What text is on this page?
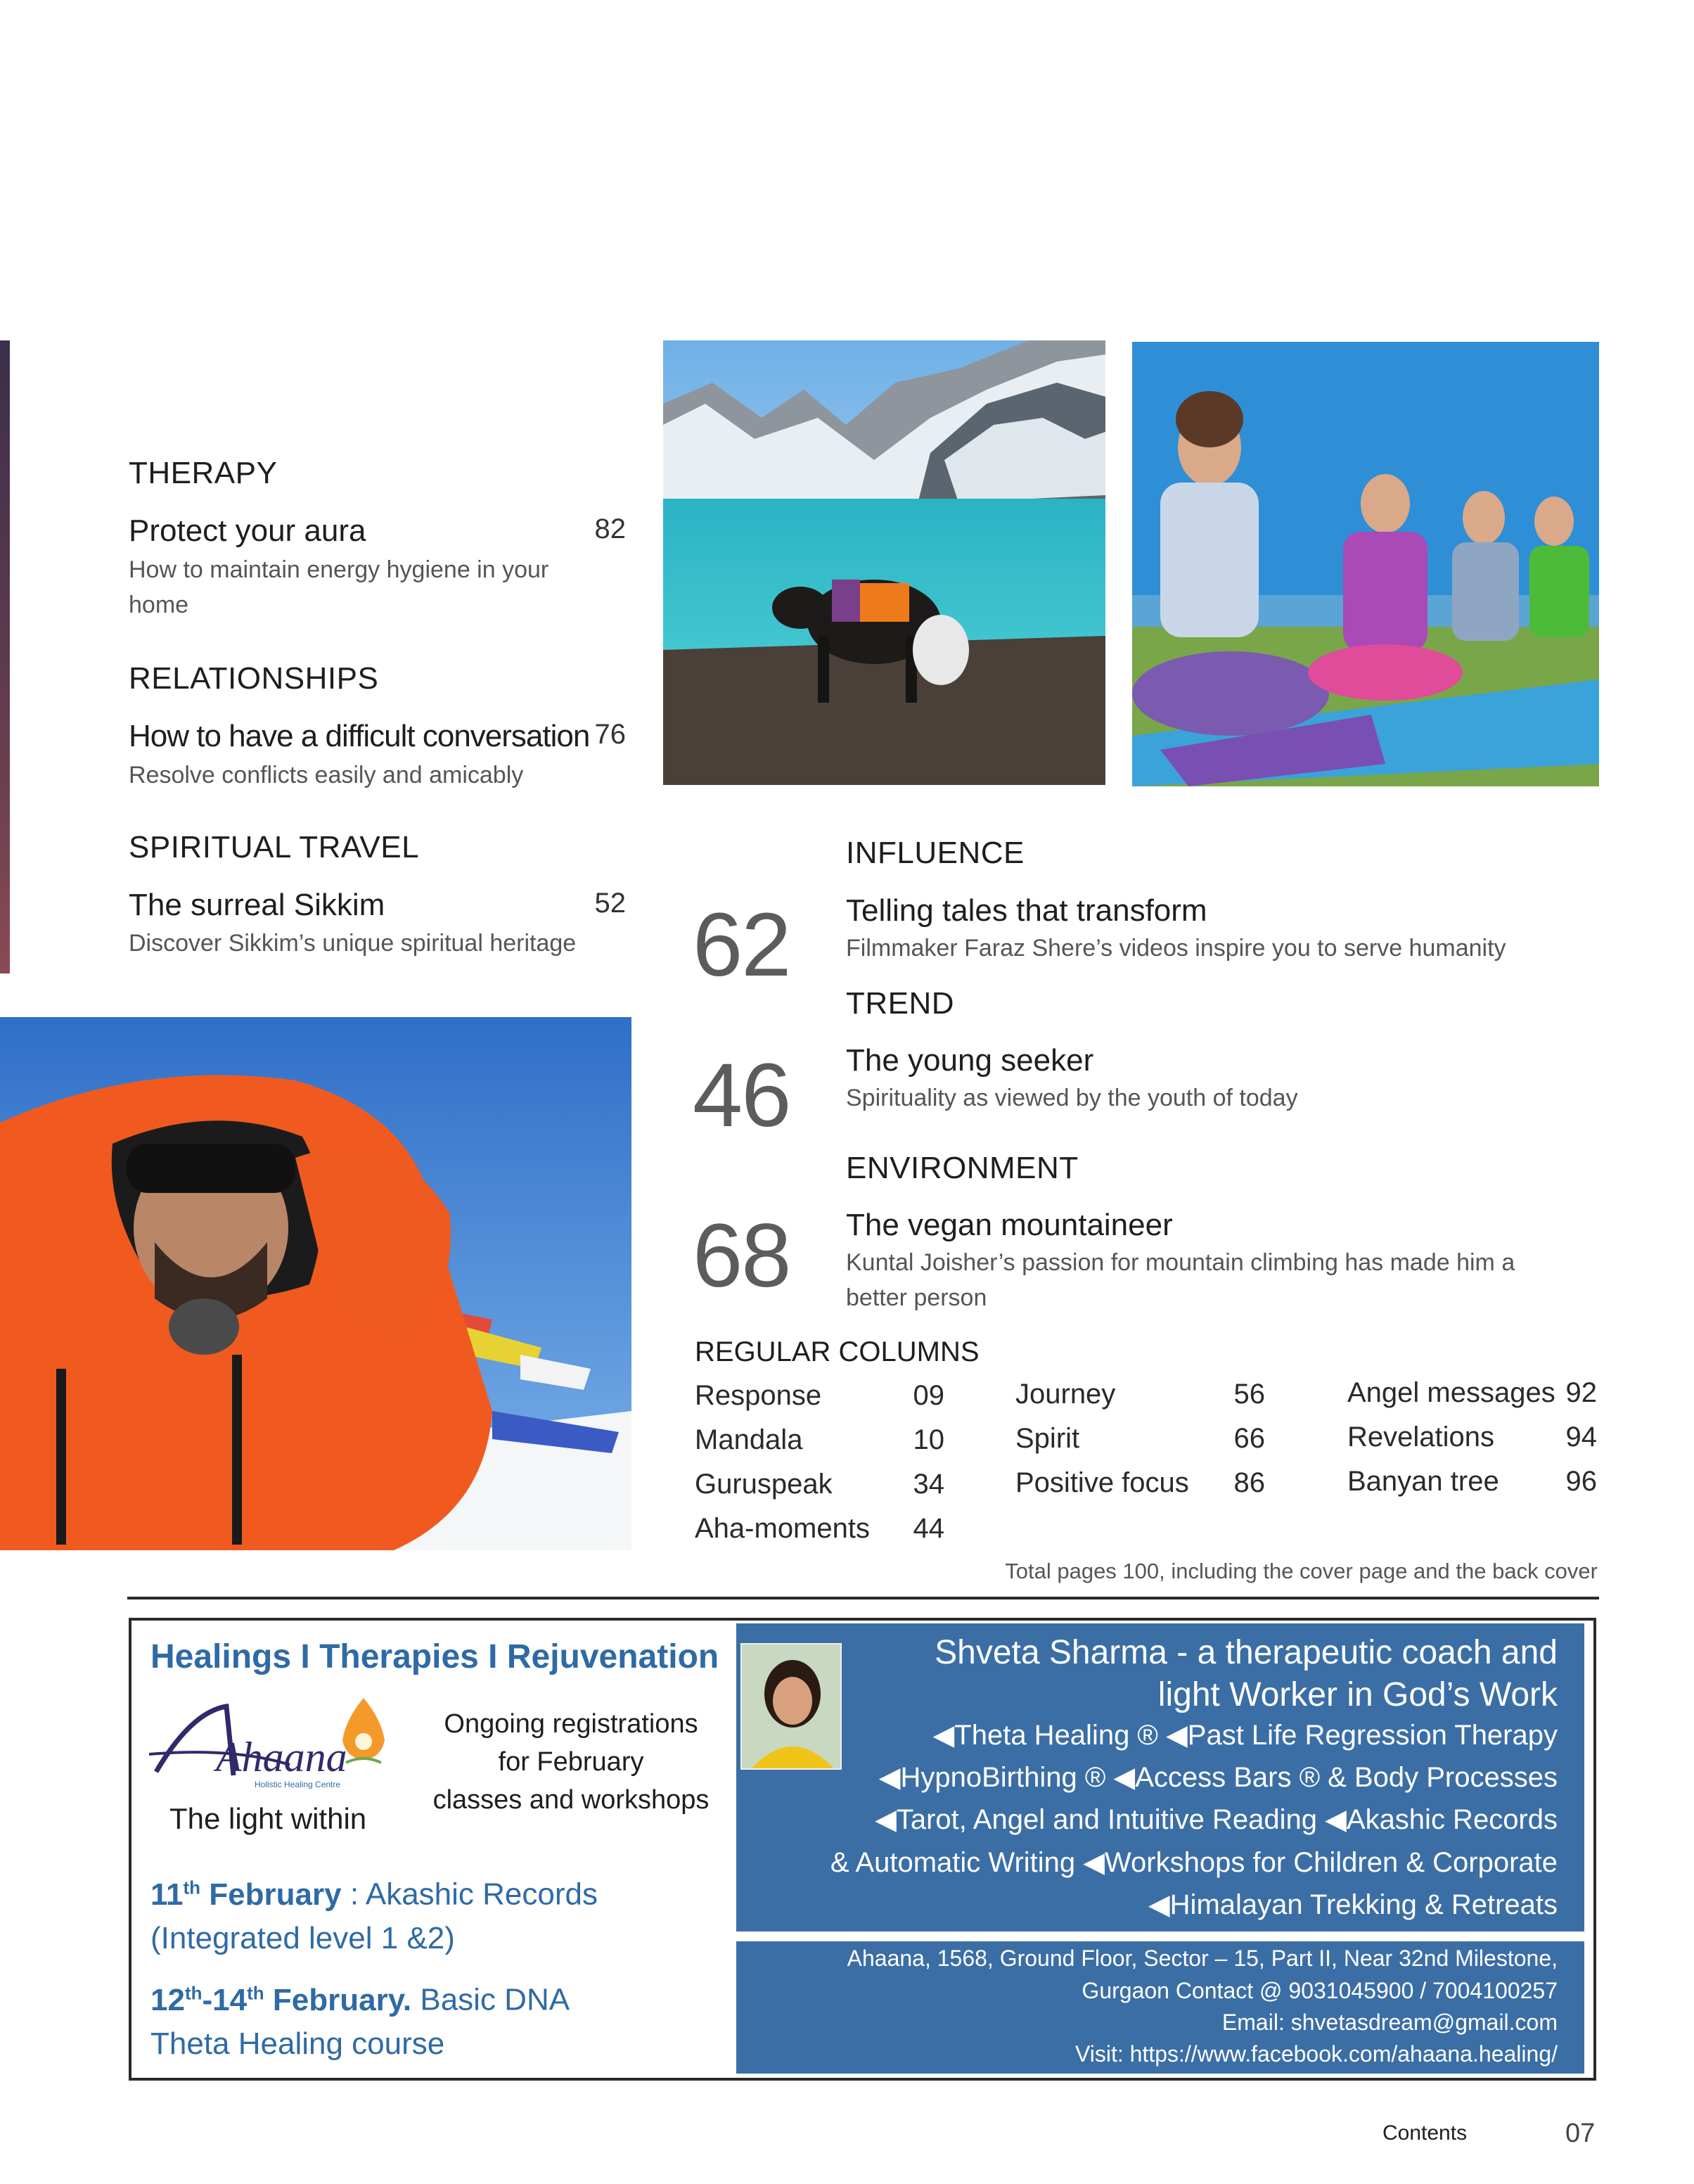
THERAPY
Protect your aura	82
How to maintain energy hygiene in your home
RELATIONSHIPS
How to have a difficult conversation 76
Resolve conflicts easily and amicably
SPIRITUAL TRAVEL
The surreal Sikkim	52
Discover Sikkim’s unique spiritual heritage
INFLUENCE
62 Telling tales that transform
Filmmaker Faraz Shere’s videos inspire you to serve humanity
TREND
46 The young seeker
Spirituality as viewed by the youth of today
ENVIRONMENT
68 The vegan mountaineer
Kuntal Joisher’s passion for mountain climbing has made him a
better person
REGULAR COLUMNS
Response	09
Mandala	10
Guruspeak	34
Aha-moments 44
Journey	56
Spirit	66
Positive focus 86
Angel messages 92
Revelations	94
Banyan tree 96
Total pages 100, including the cover page and the back cover
Healings I Therapies I Rejuvenation
Ahaana
Holistic Healing Centre
The light within
Ongoing registrations
for February
classes and workshops
11th February : Akashic Records
(Integrated level 1 &2)
12th-14th February. Basic DNA
Theta Healing course
Shveta Sharma - a therapeutic coach and
light Worker in God’s Work
◀Theta Healing ® ◀Past Life Regression Therapy
◀HypnoBirthing ® ◀Access Bars ® & Body Processes
◀Tarot, Angel and Intuitive Reading ◀Akashic Records
& Automatic Writing ◀Workshops for Children & Corporate
◀Himalayan Trekking & Retreats
Ahaana, 1568, Ground Floor, Sector – 15, Part II, Near 32nd Milestone,
Gurgaon Contact @ 9031045900 / 7004100257
Email: shvetasdream@gmail.com
Visit: https://www.facebook.com/ahaana.healing/
Contents	07
